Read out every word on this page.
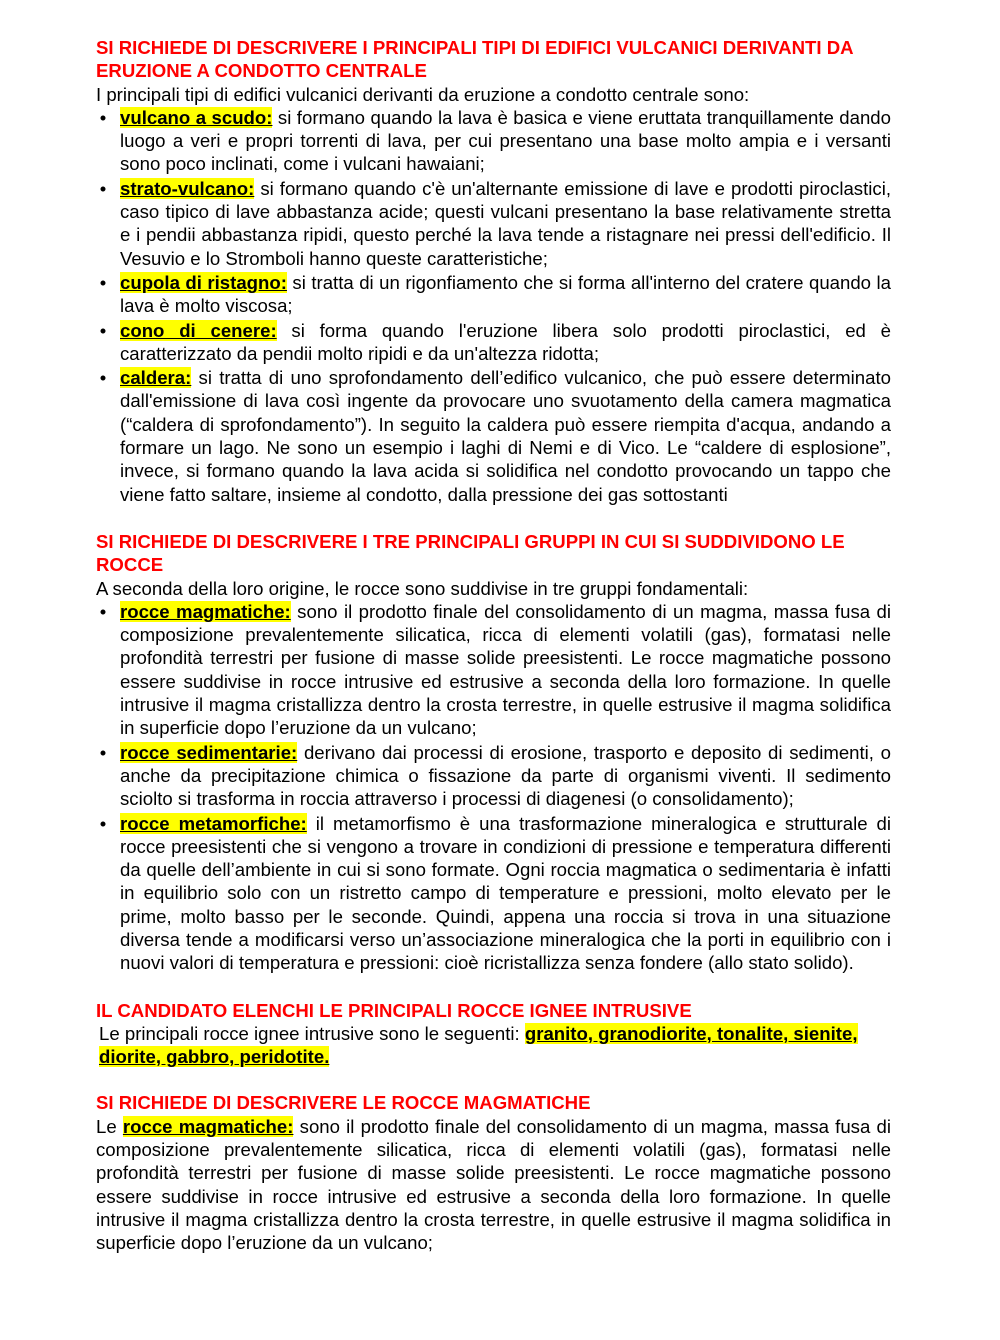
SI RICHIEDE DI DESCRIVERE I PRINCIPALI TIPI DI EDIFICI VULCANICI DERIVANTI DA ERUZIONE A CONDOTTO CENTRALE

I principali tipi di edifici vulcanici derivanti da eruzione a condotto centrale sono:

• vulcano a scudo: si formano quando la lava è basica e viene eruttata tranquillamente dando luogo a veri e propri torrenti di lava, per cui presentano una base molto ampia e i versanti sono poco inclinati, come i vulcani hawaiani;
• strato-vulcano: si formano quando c'è un'alternante emissione di lave e prodotti piroclastici, caso tipico di lave abbastanza acide; questi vulcani presentano la base relativamente stretta e i pendii abbastanza ripidi, questo perché la lava tende a ristagnare nei pressi dell'edificio. Il Vesuvio e lo Stromboli hanno queste caratteristiche;
• cupola di ristagno: si tratta di un rigonfiamento che si forma all'interno del cratere quando la lava è molto viscosa;
• cono di cenere: si forma quando l'eruzione libera solo prodotti piroclastici, ed è caratterizzato da pendii molto ripidi e da un'altezza ridotta;
• caldera: si tratta di uno sprofondamento dell’edifico vulcanico, che può essere determinato dall'emissione di lava così ingente da provocare uno svuotamento della camera magmatica (“caldera di sprofondamento”). In seguito la caldera può essere riempita d'acqua, andando a formare un lago. Ne sono un esempio i laghi di Nemi e di Vico. Le “caldere di esplosione”, invece, si formano quando la lava acida si solidifica nel condotto provocando un tappo che viene fatto saltare, insieme al condotto, dalla pressione dei gas sottostanti

SI RICHIEDE DI DESCRIVERE I TRE PRINCIPALI GRUPPI IN CUI SI SUDDIVIDONO LE ROCCE

A seconda della loro origine, le rocce sono suddivise in tre gruppi fondamentali:

• rocce magmatiche: sono il prodotto finale del consolidamento di un magma, massa fusa di composizione prevalentemente silicatica, ricca di elementi volatili (gas), formatasi nelle profondità terrestri per fusione di masse solide preesistenti. Le rocce magmatiche possono essere suddivise in rocce intrusive ed estrusive a seconda della loro formazione. In quelle intrusive il magma cristallizza dentro la crosta terrestre, in quelle estrusive il magma solidifica in superficie dopo l’eruzione da un vulcano;
• rocce sedimentarie: derivano dai processi di erosione, trasporto e deposito di sedimenti, o anche da precipitazione chimica o fissazione da parte di organismi viventi. Il sedimento sciolto si trasforma in roccia attraverso i processi di diagenesi (o consolidamento);
• rocce metamorfiche: il metamorfismo è una trasformazione mineralogica e strutturale di rocce preesistenti che si vengono a trovare in condizioni di pressione e temperatura differenti da quelle dell’ambiente in cui si sono formate. Ogni roccia magmatica o sedimentaria è infatti in equilibrio solo con un ristretto campo di temperature e pressioni, molto elevato per le prime, molto basso per le seconde. Quindi, appena una roccia si trova in una situazione diversa tende a modificarsi verso un’associazione mineralogica che la porti in equilibrio con i nuovi valori di temperatura e pressioni: cioè ricristallizza senza fondere (allo stato solido).

IL CANDIDATO ELENCHI LE PRINCIPALI ROCCE IGNEE INTRUSIVE

Le principali rocce ignee intrusive sono le seguenti: granito, granodiorite, tonalite, sienite, diorite, gabbro, peridotite.

SI RICHIEDE DI DESCRIVERE LE ROCCE MAGMATICHE

Le rocce magmatiche: sono il prodotto finale del consolidamento di un magma, massa fusa di composizione prevalentemente silicatica, ricca di elementi volatili (gas), formatasi nelle profondità terrestri per fusione di masse solide preesistenti. Le rocce magmatiche possono essere suddivise in rocce intrusive ed estrusive a seconda della loro formazione. In quelle intrusive il magma cristallizza dentro la crosta terrestre, in quelle estrusive il magma solidifica in superficie dopo l’eruzione da un vulcano;
